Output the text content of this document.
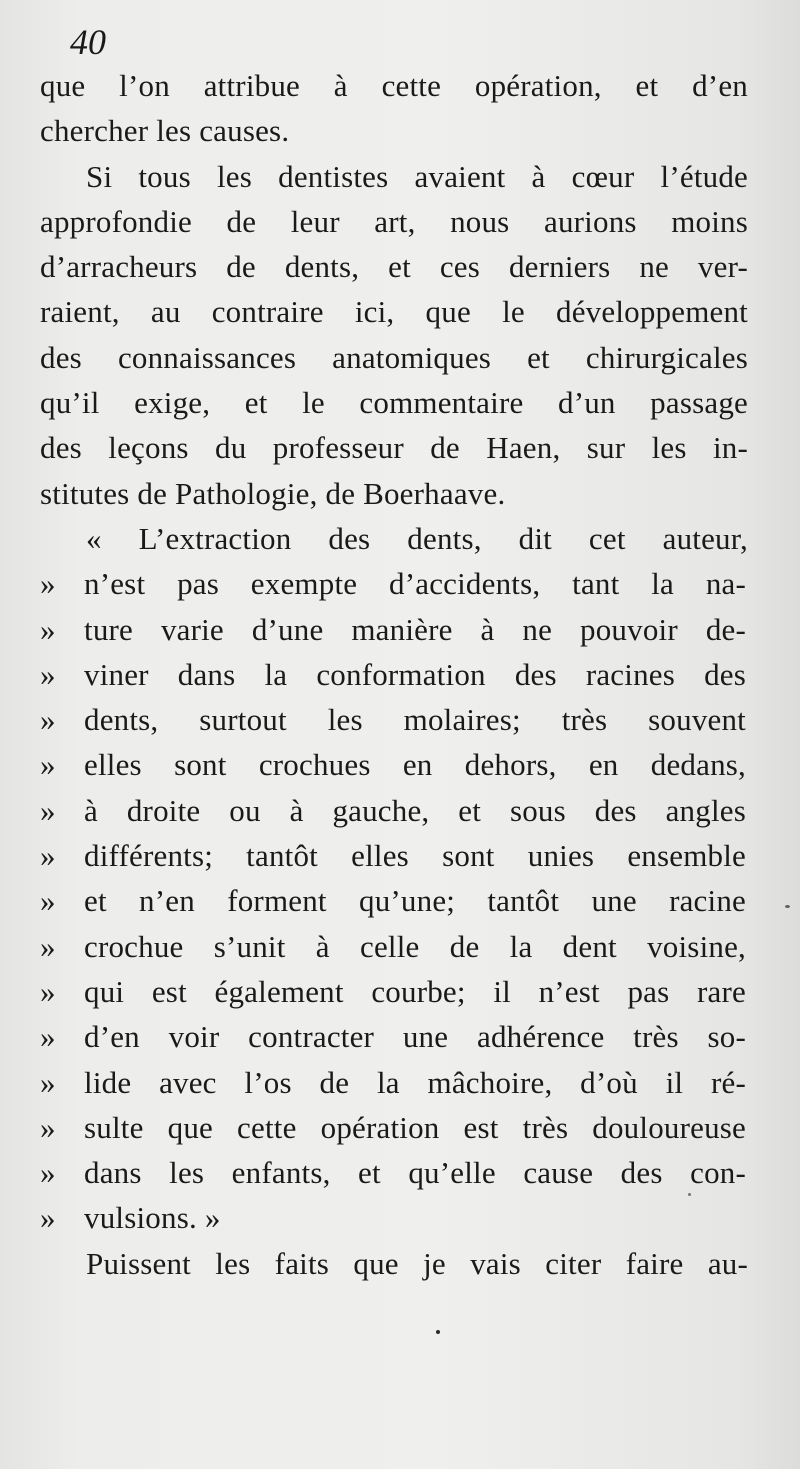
40
que l’on attribue à cette opération, et d’en
chercher les causes.
Si tous les dentistes avaient à cœur l’étude
approfondie de leur art, nous aurions moins
d’arracheurs de dents, et ces derniers ne ver-
raient, au contraire ici, que le développement
des connaissances anatomiques et chirurgicales
qu’il exige, et le commentaire d’un passage
des leçons du professeur de Haen, sur les in-
stitutes de Pathologie, de Boerhaave.
« L’extraction des dents, dit cet auteur,
» n’est pas exempte d’accidents, tant la na-
» ture varie d’une manière à ne pouvoir de-
» viner dans la conformation des racines des
» dents, surtout les molaires; très souvent
» elles sont crochues en dehors, en dedans,
» à droite ou à gauche, et sous des angles
» différents; tantôt elles sont unies ensemble
» et n’en forment qu’une; tantôt une racine
» crochue s’unit à celle de la dent voisine,
» qui est également courbe; il n’est pas rare
» d’en voir contracter une adhérence très so-
» lide avec l’os de la mâchoire, d’où il ré-
» sulte que cette opération est très douloureuse
» dans les enfants, et qu’elle cause des con-
» vulsions. »
Puissent les faits que je vais citer faire au-
